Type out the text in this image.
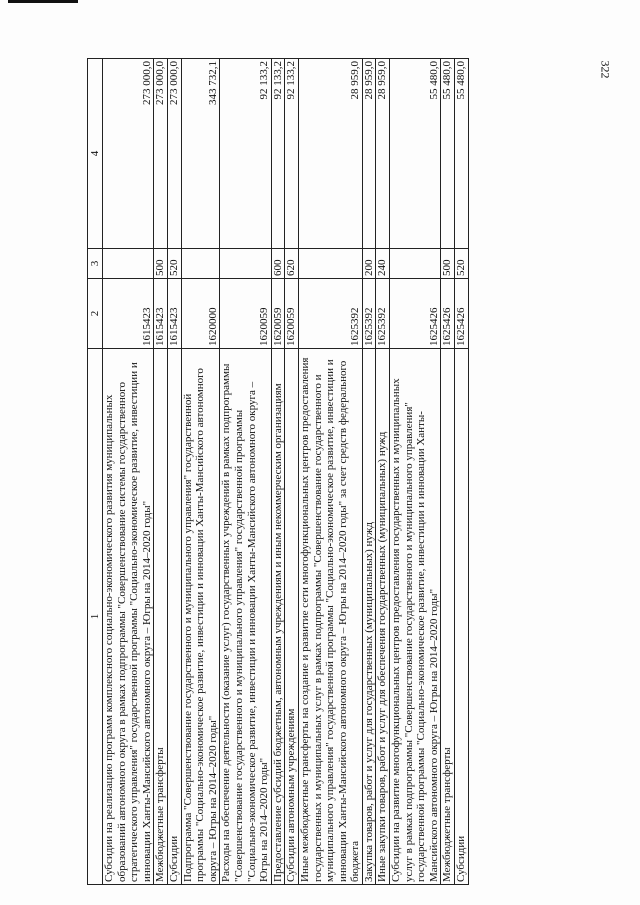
322
1	2	3	4
Субсидии на реализацию программ комплексного социально-экономического развития муниципальных образований автономного округа в рамках подпрограммы "Совершенствование системы государственного стратегического управления" государственной программы "Социально-экономическое развитие, инвестиции и инновации Ханты-Мансийского автономного округа – Югры на 2014–2020 годы"	1615423		273 000,0
Межбюджетные трансферты	1615423	500	273 000,0
Субсидии	1615423	520	273 000,0
Подпрограмма "Совершенствование государственного и муниципального управления" государственной программы "Социально-экономическое развитие, инвестиции и инновации Ханты-Мансийского автономного округа – Югры на 2014–2020 годы"	1620000		343 732,1
Расходы на обеспечение деятельности (оказание услуг) государственных учреждений в рамках подпрограммы "Совершенствование государственного и муниципального управления" государственной программы "Социально-экономическое развитие, инвестиции и инновации Ханты-Мансийского автономного округа – Югры на 2014–2020 годы"	1620059		92 133,2
Предоставление субсидий бюджетным, автономным учреждениям и иным некоммерческим организациям	1620059	600	92 133,2
Субсидии автономным учреждениям	1620059	620	92 133,2
Иные межбюджетные трансферты на создание и развитие сети многофункциональных центров предоставления государственных и муниципальных услуг в рамках подпрограммы "Совершенствование государственного и муниципального управления" государственной программы "Социально-экономическое развитие, инвестиции и инновации Ханты-Мансийского автономного округа – Югры на 2014–2020 годы" за счет средств федерального бюджета	1625392		28 959,0
Закупка товаров, работ и услуг для государственных (муниципальных) нужд	1625392	200	28 959,0
Иные закупки товаров, работ и услуг для обеспечения государственных (муниципальных) нужд	1625392	240	28 959,0
Субсидии на развитие многофункциональных центров предоставления государственных и муниципальных услуг в рамках подпрограммы "Совершенствование государственного и муниципального управления" государственной программы "Социально-экономическое развитие, инвестиции и инновации Ханты-Мансийского автономного округа – Югры на 2014–2020 годы"	1625426		55 480,0
Межбюджетные трансферты	1625426	500	55 480,0
Субсидии	1625426	520	55 480,0
